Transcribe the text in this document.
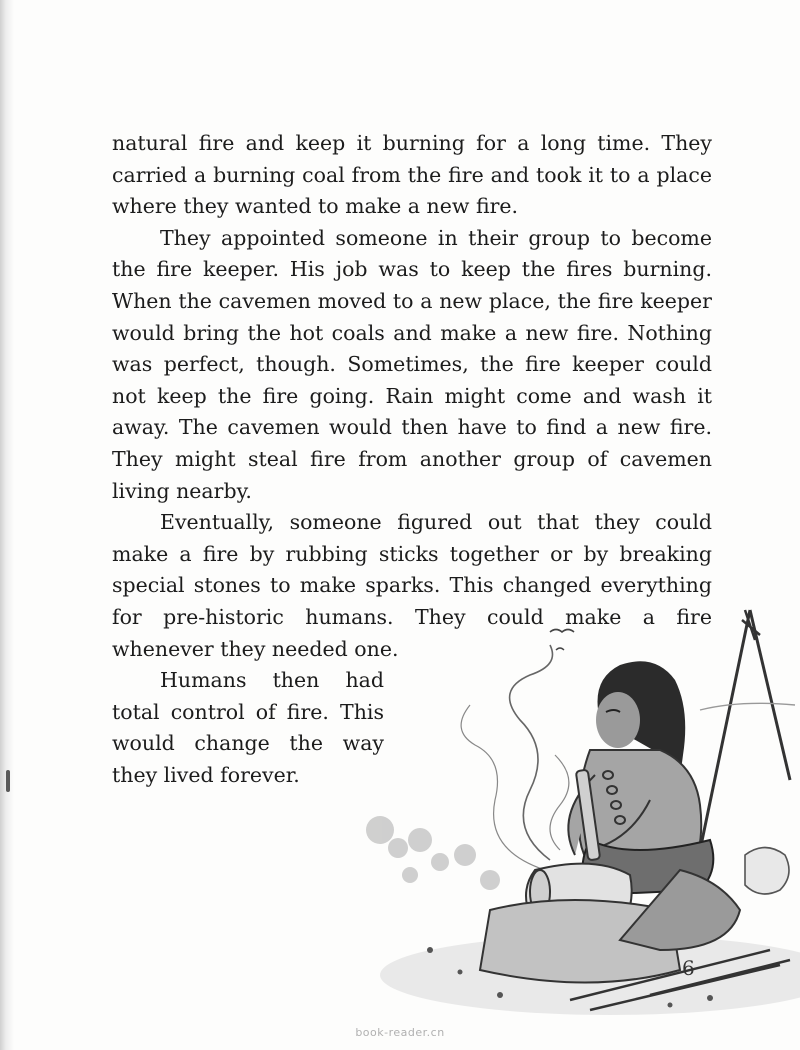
natural fire and keep it burning for a long time. They carried a burning coal from the fire and took it to a place where they wanted to make a new fire.

They appointed someone in their group to become the fire keeper. His job was to keep the fires burning. When the cavemen moved to a new place, the fire keeper would bring the hot coals and make a new fire. Nothing was perfect, though. Sometimes, the fire keeper could not keep the fire going. Rain might come and wash it away. The cavemen would then have to find a new fire. They might steal fire from another group of cavemen living nearby.

Eventually, someone figured out that they could make a fire by rubbing sticks together or by breaking special stones to make sparks. This changed everything for pre-historic humans. They could make a fire whenever they needed one.

Humans then had total control of fire. This would change the way they lived forever.

6
book-reader.cn
